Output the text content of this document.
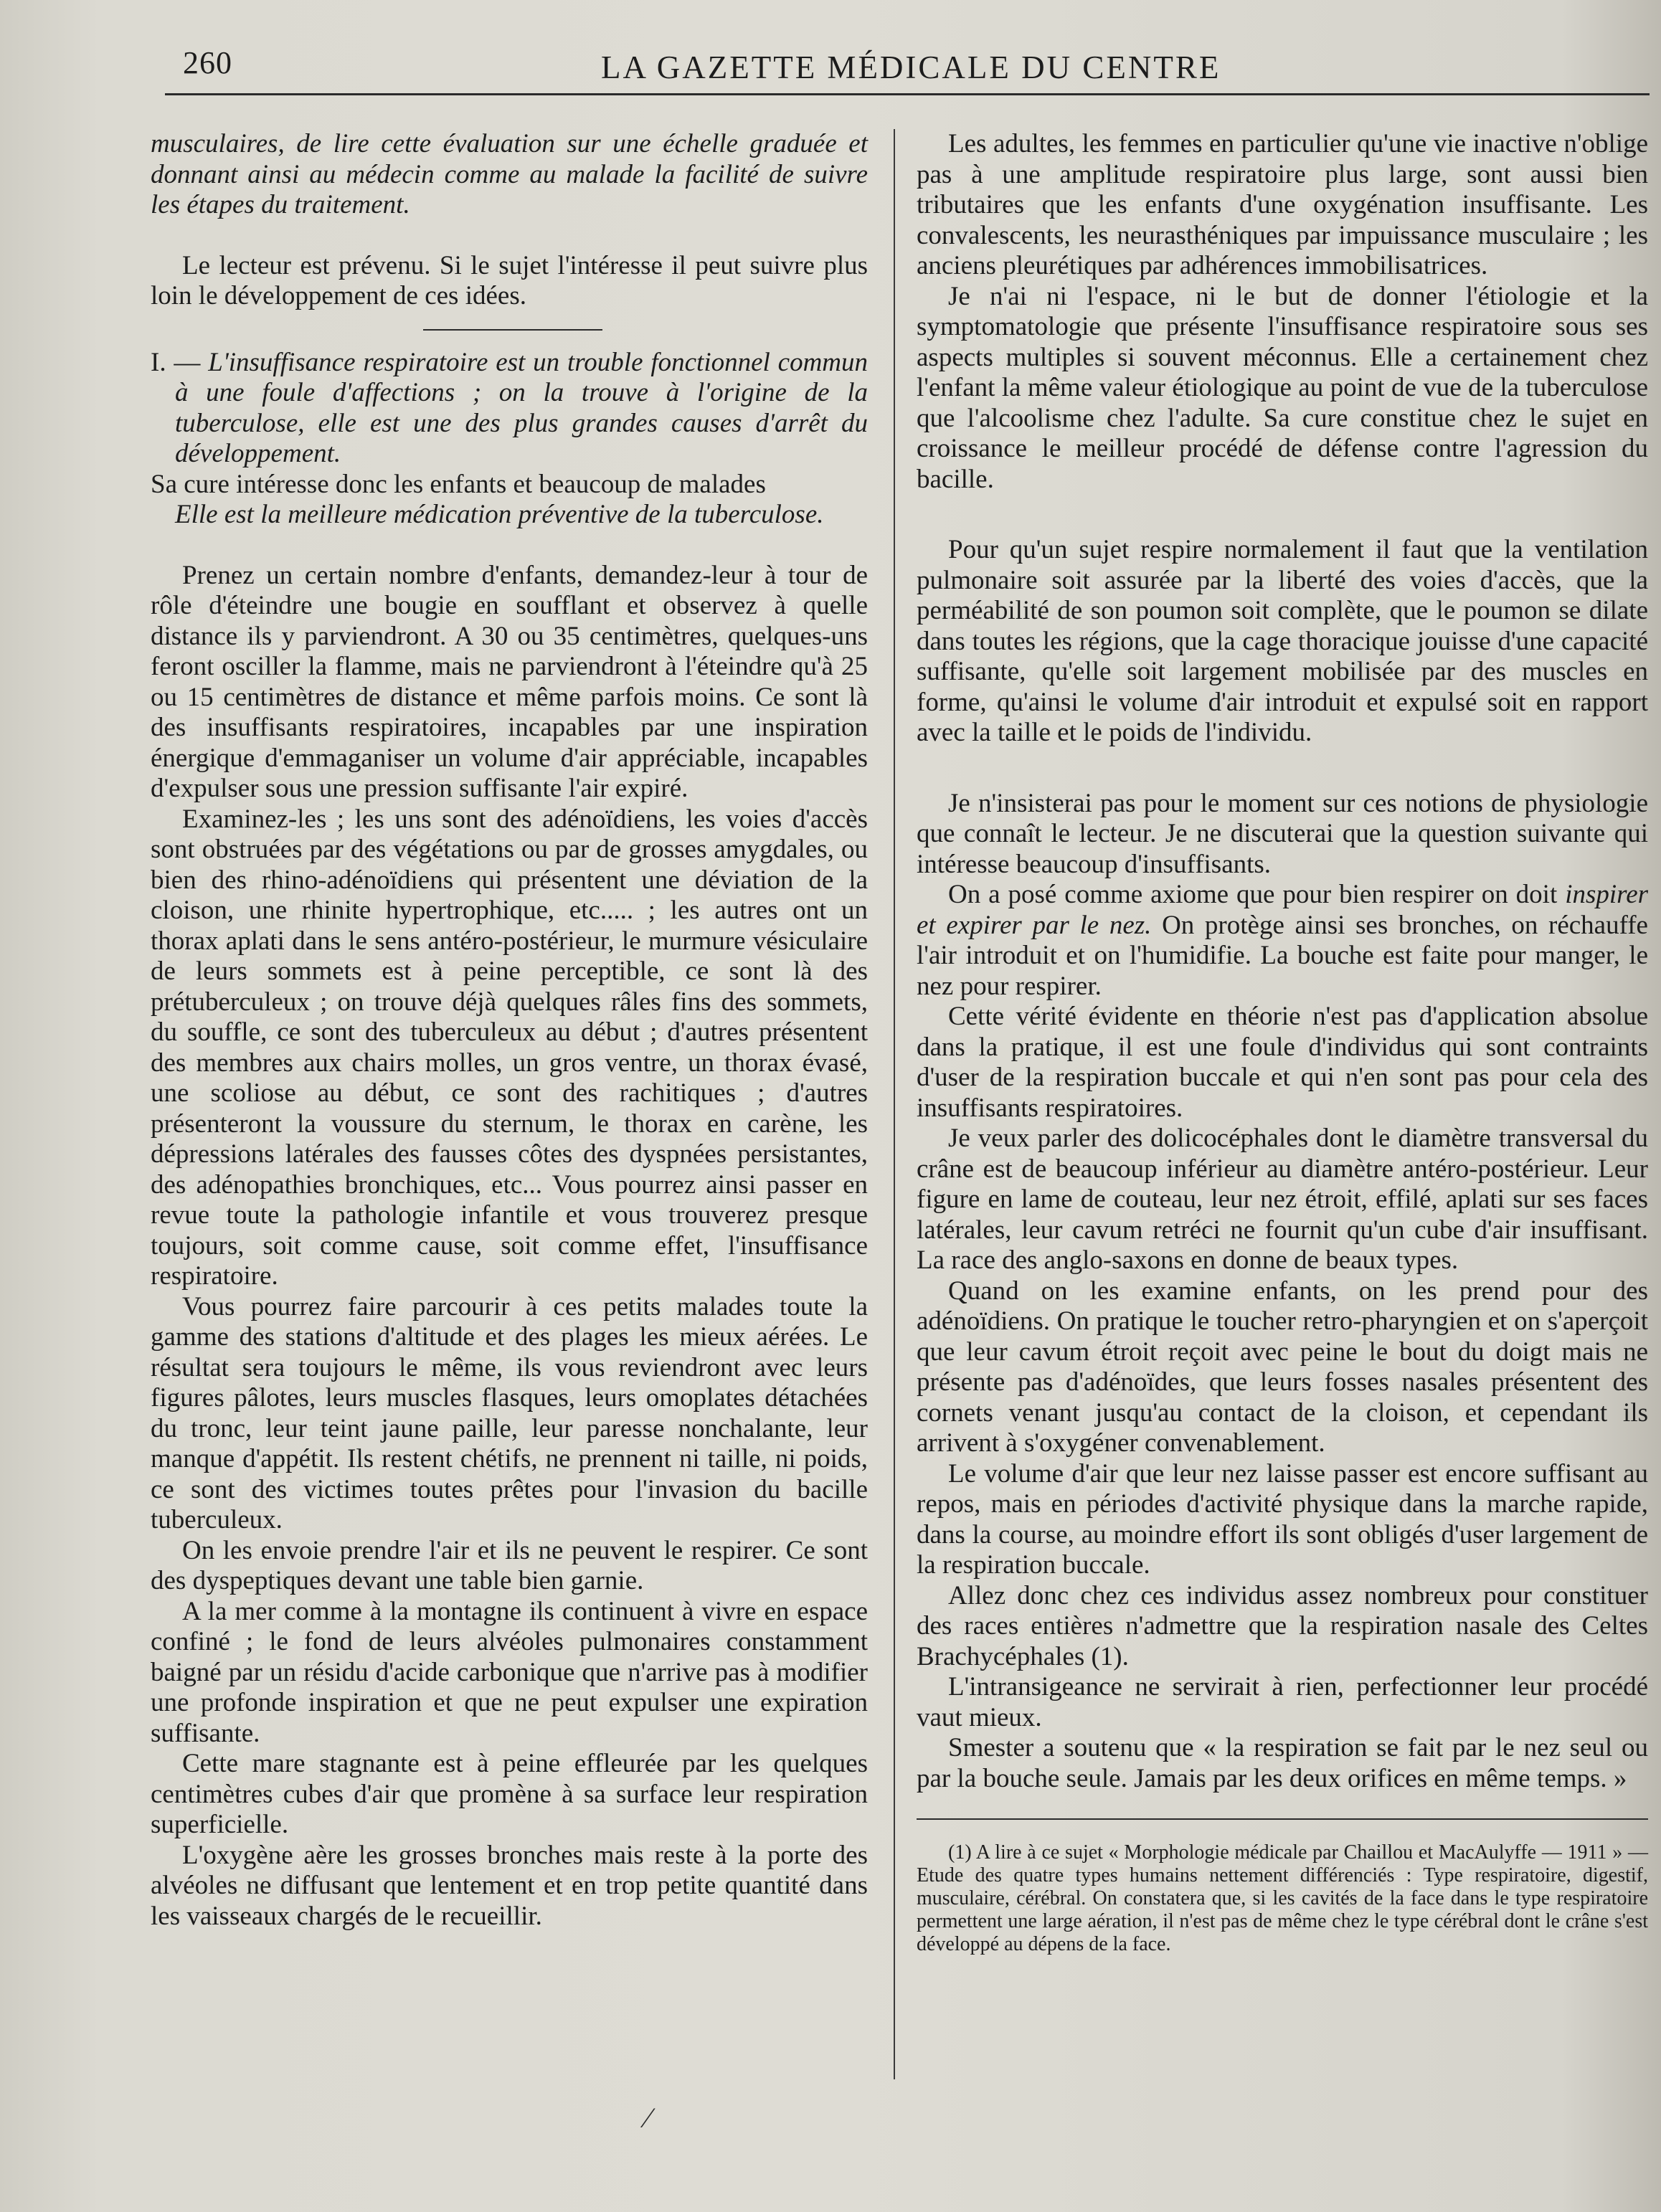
260	LA GAZETTE MÉDICALE DU CENTRE

musculaires, de lire cette évaluation sur une échelle graduée et donnant ainsi au médecin comme au malade la facilité de suivre les étapes du traitement.

Le lecteur est prévenu. Si le sujet l'intéresse il peut suivre plus loin le développement de ces idées.

I. — L'insuffisance respiratoire est un trouble fonctionnel commun à une foule d'affections ; on la trouve à l'origine de la tuberculose, elle est une des plus grandes causes d'arrêt du développement.

Sa cure intéresse donc les enfants et beaucoup de malades

Elle est la meilleure médication préventive de la tuberculose.

Prenez un certain nombre d'enfants, demandez-leur à tour de rôle d'éteindre une bougie en soufflant et observez à quelle distance ils y parviendront. A 30 ou 35 centimètres, quelques-uns feront osciller la flamme, mais ne parviendront à l'éteindre qu'à 25 ou 15 centimètres de distance et même parfois moins. Ce sont là des insuffisants respiratoires, incapables par une inspiration énergique d'emmaganiser un volume d'air appréciable, incapables d'expulser sous une pression suffisante l'air expiré.

Examinez-les ; les uns sont des adénoïdiens, les voies d'accès sont obstruées par des végétations ou par de grosses amygdales, ou bien des rhino-adénoïdiens qui présentent une déviation de la cloison, une rhinite hypertrophique, etc..... ; les autres ont un thorax aplati dans le sens antéro-postérieur, le murmure vésiculaire de leurs sommets est à peine perceptible, ce sont là des prétuberculeux ; on trouve déjà quelques râles fins des sommets, du souffle, ce sont des tuberculeux au début ; d'autres présentent des membres aux chairs molles, un gros ventre, un thorax évasé, une scoliose au début, ce sont des rachitiques ; d'autres présenteront la voussure du sternum, le thorax en carène, les dépressions latérales des fausses côtes des dyspnées persistantes, des adénopathies bronchiques, etc... Vous pourrez ainsi passer en revue toute la pathologie infantile et vous trouverez presque toujours, soit comme cause, soit comme effet, l'insuffisance respiratoire.

Vous pourrez faire parcourir à ces petits malades toute la gamme des stations d'altitude et des plages les mieux aérées. Le résultat sera toujours le même, ils vous reviendront avec leurs figures pâlotes, leurs muscles flasques, leurs omoplates détachées du tronc, leur teint jaune paille, leur paresse nonchalante, leur manque d'appétit. Ils restent chétifs, ne prennent ni taille, ni poids, ce sont des victimes toutes prêtes pour l'invasion du bacille tuberculeux.

On les envoie prendre l'air et ils ne peuvent le respirer. Ce sont des dyspeptiques devant une table bien garnie.

A la mer comme à la montagne ils continuent à vivre en espace confiné ; le fond de leurs alvéoles pulmonaires constamment baigné par un résidu d'acide carbonique que n'arrive pas à modifier une profonde inspiration et que ne peut expulser une expiration suffisante.

Cette mare stagnante est à peine effleurée par les quelques centimètres cubes d'air que promène à sa surface leur respiration superficielle.

L'oxygène aère les grosses bronches mais reste à la porte des alvéoles ne diffusant que lentement et en trop petite quantité dans les vaisseaux chargés de le recueillir.

Les adultes, les femmes en particulier qu'une vie inactive n'oblige pas à une amplitude respiratoire plus large, sont aussi bien tributaires que les enfants d'une oxygénation insuffisante. Les convalescents, les neurasthéniques par impuissance musculaire ; les anciens pleurétiques par adhérences immobilisatrices.

Je n'ai ni l'espace, ni le but de donner l'étiologie et la symptomatologie que présente l'insuffisance respiratoire sous ses aspects multiples si souvent méconnus. Elle a certainement chez l'enfant la même valeur étiologique au point de vue de la tuberculose que l'alcoolisme chez l'adulte. Sa cure constitue chez le sujet en croissance le meilleur procédé de défense contre l'agression du bacille.

Pour qu'un sujet respire normalement il faut que la ventilation pulmonaire soit assurée par la liberté des voies d'accès, que la perméabilité de son poumon soit complète, que le poumon se dilate dans toutes les régions, que la cage thoracique jouisse d'une capacité suffisante, qu'elle soit largement mobilisée par des muscles en forme, qu'ainsi le volume d'air introduit et expulsé soit en rapport avec la taille et le poids de l'individu.

Je n'insisterai pas pour le moment sur ces notions de physiologie que connaît le lecteur. Je ne discuterai que la question suivante qui intéresse beaucoup d'insuffisants.

On a posé comme axiome que pour bien respirer on doit inspirer et expirer par le nez. On protège ainsi ses bronches, on réchauffe l'air introduit et on l'humidifie. La bouche est faite pour manger, le nez pour respirer.

Cette vérité évidente en théorie n'est pas d'application absolue dans la pratique, il est une foule d'individus qui sont contraints d'user de la respiration buccale et qui n'en sont pas pour cela des insuffisants respiratoires.

Je veux parler des dolicocéphales dont le diamètre transversal du crâne est de beaucoup inférieur au diamètre antéro-postérieur. Leur figure en lame de couteau, leur nez étroit, effilé, aplati sur ses faces latérales, leur cavum retréci ne fournit qu'un cube d'air insuffisant. La race des anglo-saxons en donne de beaux types.

Quand on les examine enfants, on les prend pour des adénoïdiens. On pratique le toucher retro-pharyngien et on s'aperçoit que leur cavum étroit reçoit avec peine le bout du doigt mais ne présente pas d'adénoïdes, que leurs fosses nasales présentent des cornets venant jusqu'au contact de la cloison, et cependant ils arrivent à s'oxygéner convenablement.

Le volume d'air que leur nez laisse passer est encore suffisant au repos, mais en périodes d'activité physique dans la marche rapide, dans la course, au moindre effort ils sont obligés d'user largement de la respiration buccale.

Allez donc chez ces individus assez nombreux pour constituer des races entières n'admettre que la respiration nasale des Celtes Brachycéphales (1).

L'intransigeance ne servirait à rien, perfectionner leur procédé vaut mieux.

Smester a soutenu que « la respiration se fait par le nez seul ou par la bouche seule. Jamais par les deux orifices en même temps. »

(1) A lire à ce sujet « Morphologie médicale par Chaillou et MacAulyffe — 1911 » — Etude des quatre types humains nettement différenciés : Type respiratoire, digestif, musculaire, cérébral. On constatera que, si les cavités de la face dans le type respiratoire permettent une large aération, il n'est pas de même chez le type cérébral dont le crâne s'est développé au dépens de la face.

⁄
